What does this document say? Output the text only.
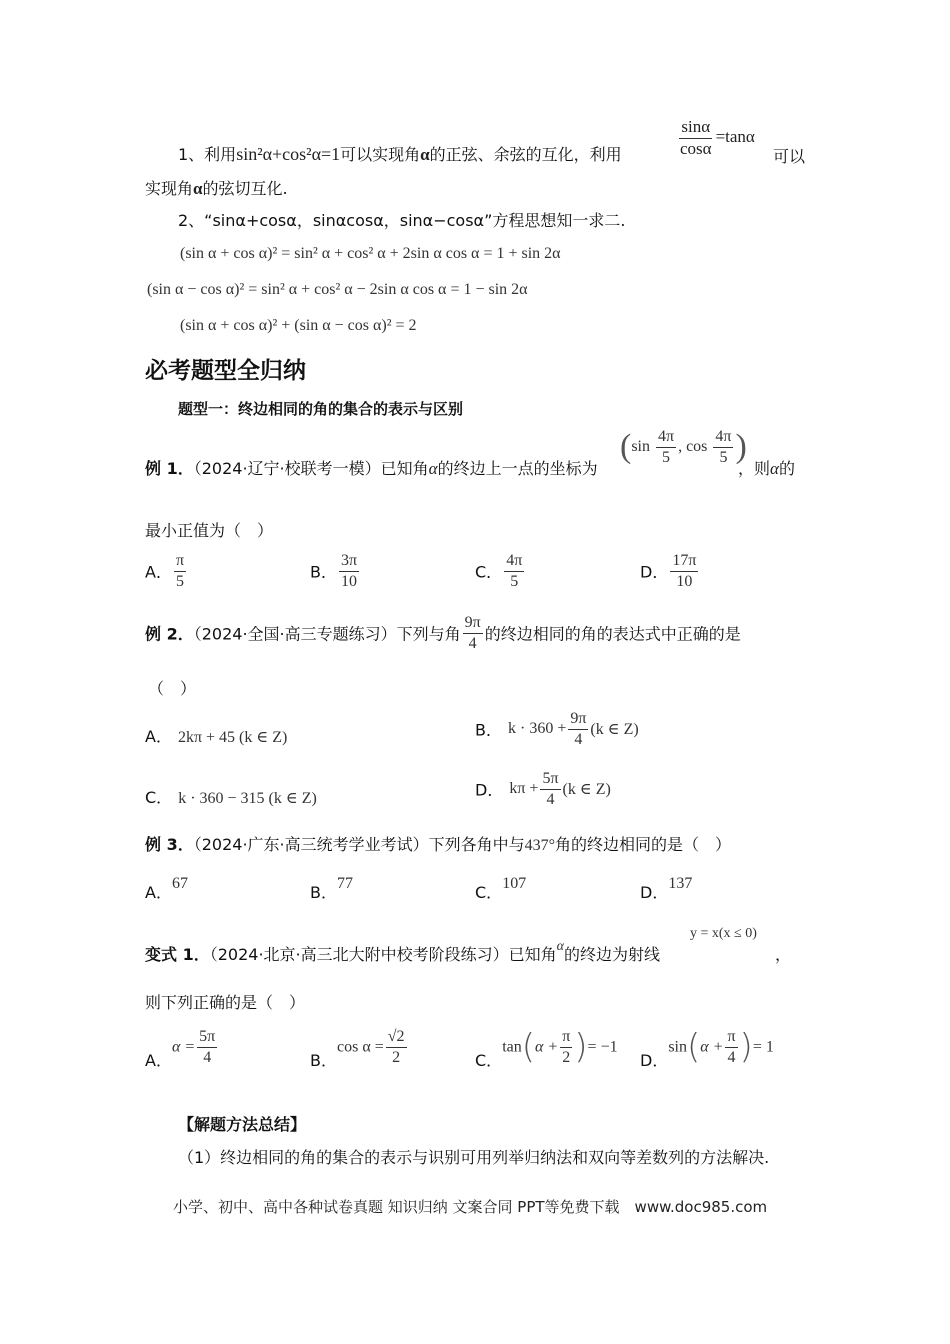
1、利用sin²α+cos²α=1可以实现角α的正弦、余弦的互化，利用	$\frac{\sin\alpha}{\cos\alpha} =\tan\alpha$
可以
实现角α的弦切互化.
2、“sinα+cosα，sinαcosα，sinα−cosα”方程思想知一求二.
(sin α + cos α)² = sin² α + cos² α + 2sin α cos α = 1 + sin 2α
(sin α − cos α)² = sin² α + cos² α − 2sin α cos α = 1 − sin 2α
(sin α + cos α)² + (sin α − cos α)² = 2
必考题型全归纳
题型一：终边相同的角的集合的表示与区别
例 1．（2024·辽宁·校联考一模）已知角α的终边上一点的坐标为
($\sin \frac{4\pi}{5}$ , $\cos \frac{4\pi}{5}$ )
，则α的
最小正值为（　）
A． $\frac{\pi}{5}$	B． $\frac{3\pi}{10}$	C． $\frac{4\pi}{5}$	D． $\frac{17\pi}{10}$
例 2．（2024·全国·高三专题练习）下列与角 $\frac{9\pi}{4}$ 的终边相同的角的表达式中正确的是
（　）
A． 2kπ + 45 (k ∈ Z)	B． $k \cdot 360 + \frac{9\pi}{4} (k$ ∈ Z)
C． k · 360 − 315 (k ∈ Z)	D． $k\pi + \frac{5\pi}{4} (k$ ∈ Z)
例 3．（2024·广东·高三统考学业考试）下列各角中与437°角的终边相同的是（　）
A．67	B．77	C．107	D．137
变式 1．（2024·北京·高三北大附中校考阶段练习）已知角α的终边为射线
y = x(x ≤ 0)
，
则下列正确的是（　）
A．$\alpha = \frac{5\pi}{4}$	B．$\cos \alpha = \frac{√2}{2}$	C．$\tan(\alpha + \frac{\pi}{2}$ )= −1
D．$\sin(\alpha + \frac{\pi}{4}$ )= 1
【解题方法总结】
（1）终边相同的角的集合的表示与识别可用列举归纳法和双向等差数列的方法解决.
小学、初中、高中各种试卷真题 知识归纳 文案合同 PPT等免费下载　www.doc985.com
